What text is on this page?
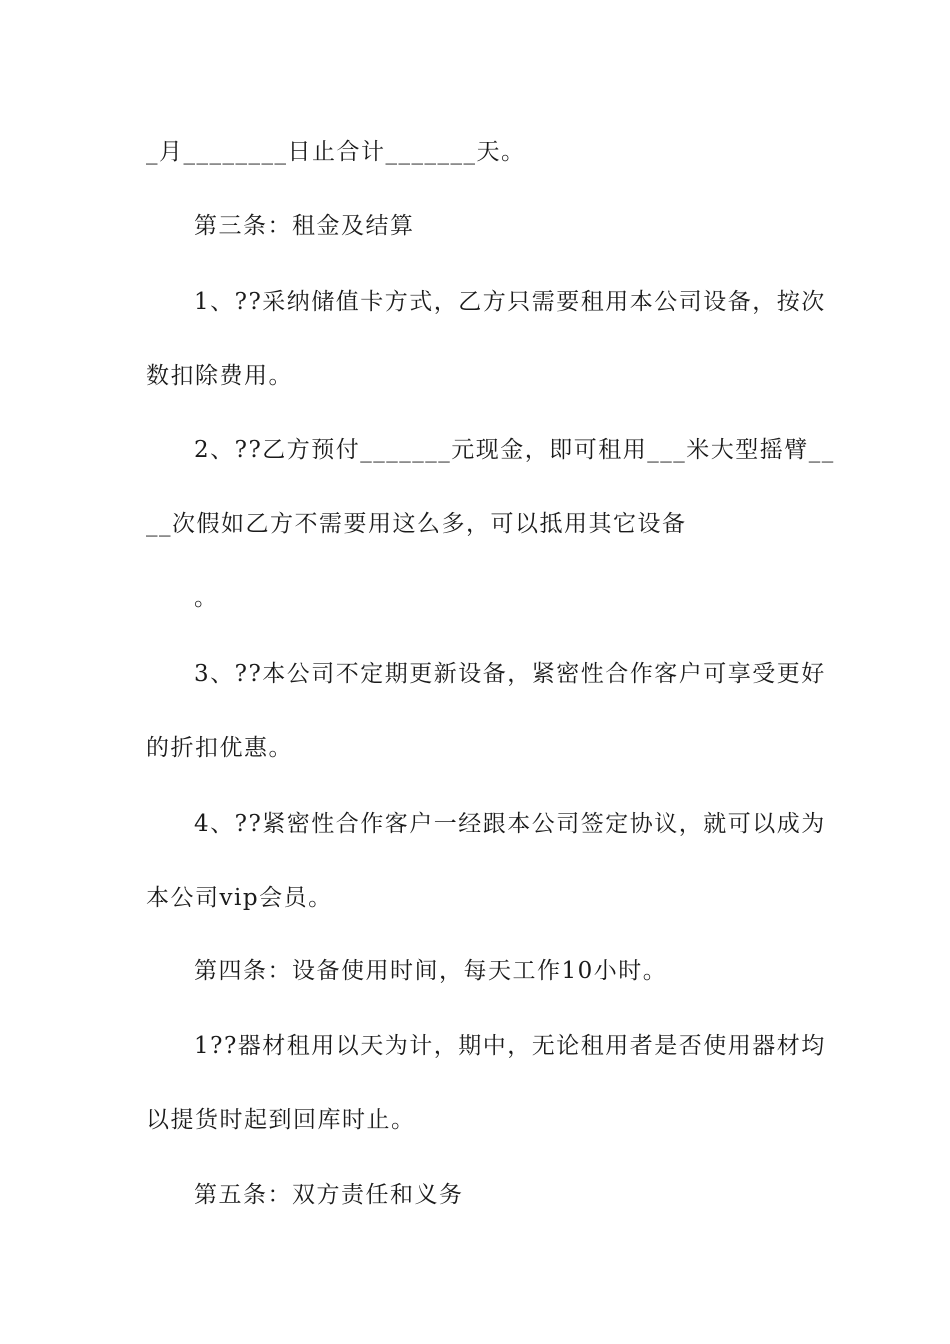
_月________日止合计_______天。
第三条：租金及结算
1、??采纳储值卡方式，乙方只需要租用本公司设备，按次
数扣除费用。
2、??乙方预付_______元现金，即可租用___米大型摇臂__
__次假如乙方不需要用这么多，可以抵用其它设备
。
3、??本公司不定期更新设备，紧密性合作客户可享受更好
的折扣优惠。
4、??紧密性合作客户一经跟本公司签定协议，就可以成为
本公司vip会员。
第四条：设备使用时间，每天工作10小时。
1??器材租用以天为计，期中，无论租用者是否使用器材均
以提货时起到回库时止。
第五条：双方责任和义务
